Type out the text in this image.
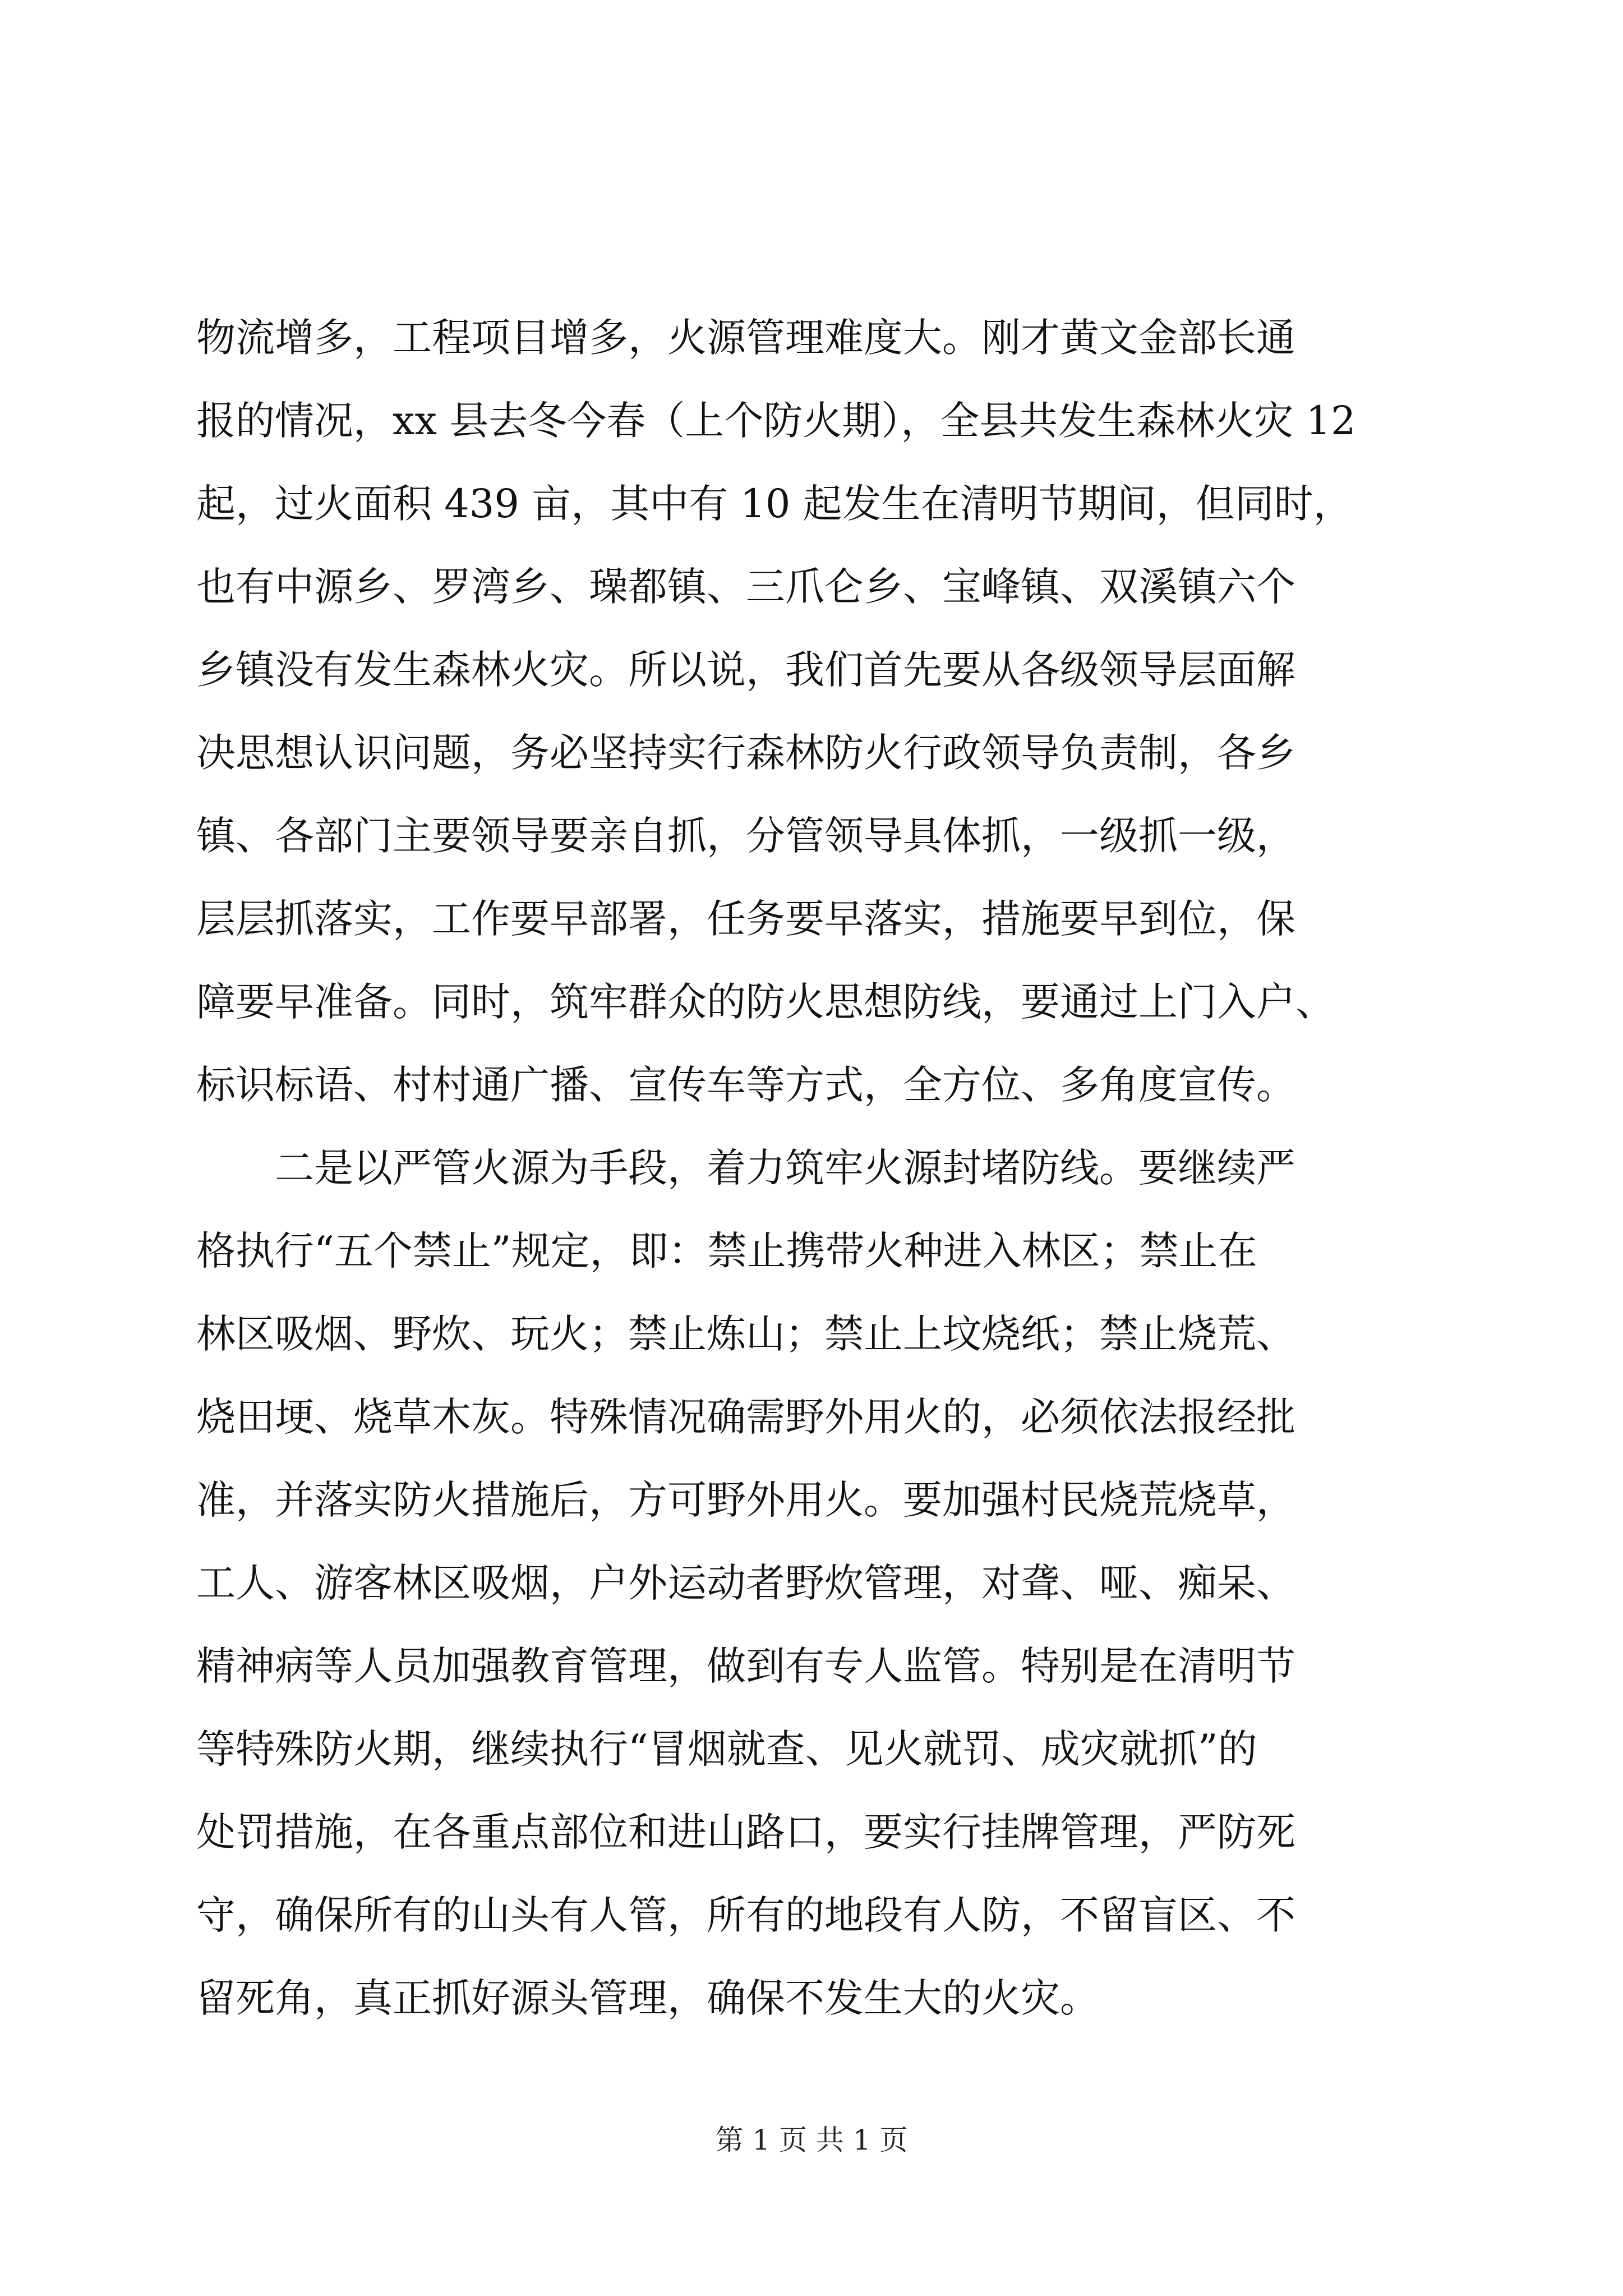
物流增多，工程项目增多，火源管理难度大。刚才黄文金部长通
报的情况，xx 县去冬今春（上个防火期），全县共发生森林火灾 12
起，过火面积 439 亩，其中有 10 起发生在清明节期间，但同时，
也有中源乡、罗湾乡、璪都镇、三爪仑乡、宝峰镇、双溪镇六个
乡镇没有发生森林火灾。所以说，我们首先要从各级领导层面解
决思想认识问题，务必坚持实行森林防火行政领导负责制，各乡
镇、各部门主要领导要亲自抓，分管领导具体抓，一级抓一级，
层层抓落实，工作要早部署，任务要早落实，措施要早到位，保
障要早准备。同时，筑牢群众的防火思想防线，要通过上门入户、
标识标语、村村通广播、宣传车等方式，全方位、多角度宣传。
　　二是以严管火源为手段，着力筑牢火源封堵防线。要继续严
格执行“五个禁止”规定，即：禁止携带火种进入林区；禁止在
林区吸烟、野炊、玩火；禁止炼山；禁止上坟烧纸；禁止烧荒、
烧田埂、烧草木灰。特殊情况确需野外用火的，必须依法报经批
准，并落实防火措施后，方可野外用火。要加强村民烧荒烧草，
工人、游客林区吸烟，户外运动者野炊管理，对聋、哑、痴呆、
精神病等人员加强教育管理，做到有专人监管。特别是在清明节
等特殊防火期，继续执行“冒烟就查、见火就罚、成灾就抓”的
处罚措施，在各重点部位和进山路口，要实行挂牌管理，严防死
守，确保所有的山头有人管，所有的地段有人防，不留盲区、不
留死角，真正抓好源头管理，确保不发生大的火灾。
第 1 页 共 1 页
